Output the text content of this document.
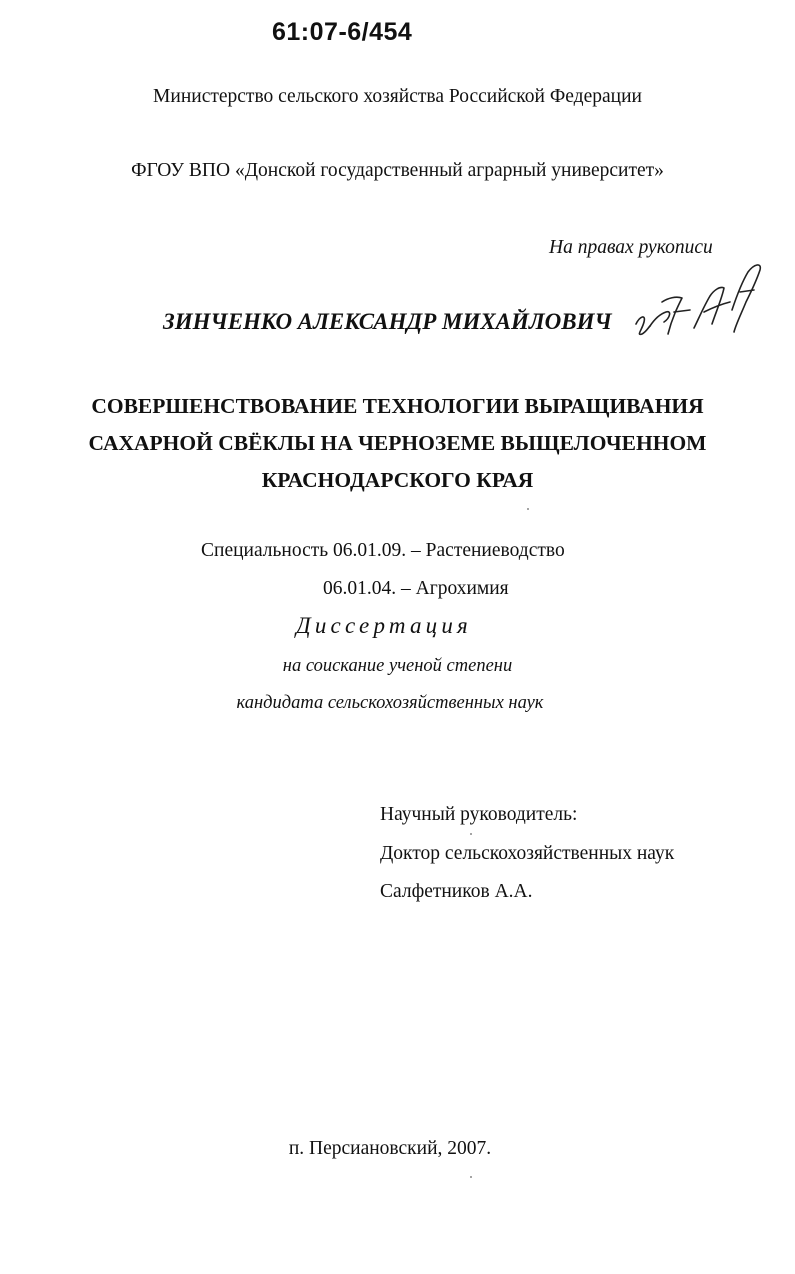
61:07-6/454
Министерство сельского хозяйства Российской Федерации
ФГОУ ВПО «Донской государственный аграрный университет»
На правах рукописи
ЗИНЧЕНКО АЛЕКСАНДР МИХАЙЛОВИЧ
СОВЕРШЕНСТВОВАНИЕ ТЕХНОЛОГИИ ВЫРАЩИВАНИЯ
САХАРНОЙ СВЁКЛЫ НА ЧЕРНОЗЕМЕ ВЫЩЕЛОЧЕННОМ
КРАСНОДАРСКОГО КРАЯ
Специальность 06.01.09. – Растениеводство
06.01.04. – Агрохимия
Диссертация
на соискание ученой степени
кандидата сельскохозяйственных наук
Научный руководитель:
Доктор сельскохозяйственных наук
Салфетников А.А.
п. Персиановский, 2007.
